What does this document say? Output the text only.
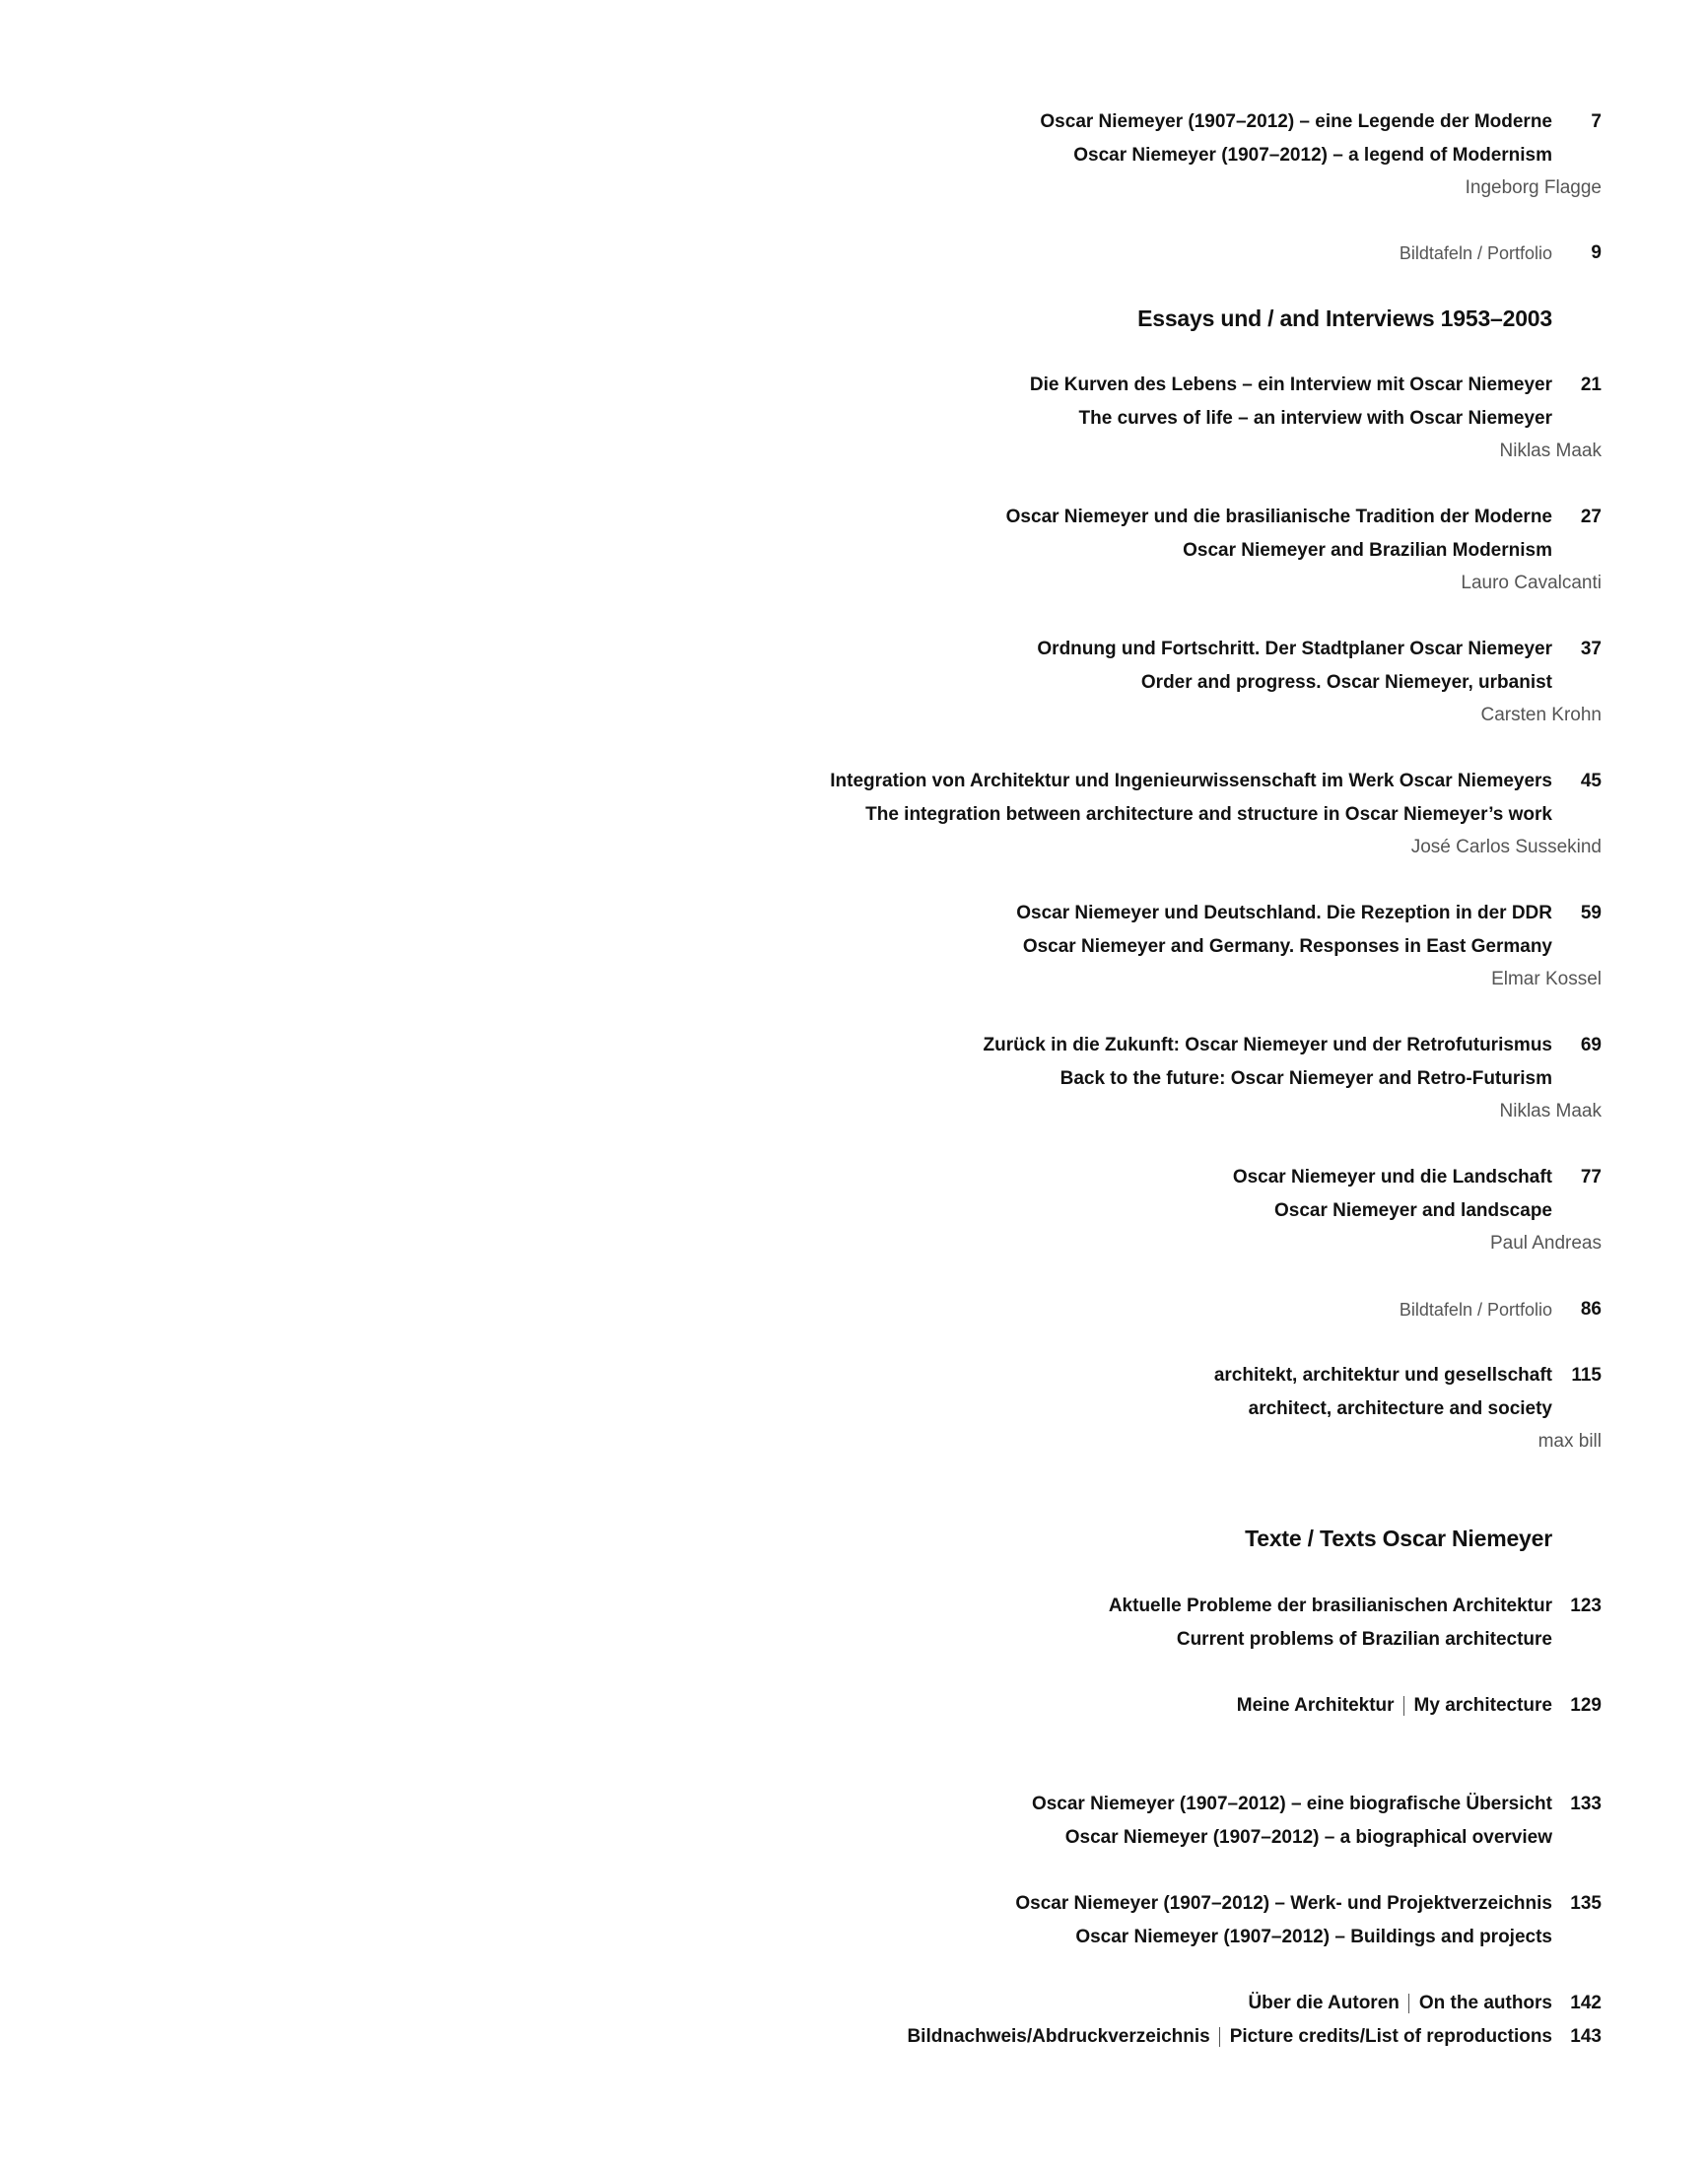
Oscar Niemeyer (1907–2012) – eine Legende der Moderne	7
Oscar Niemeyer (1907–2012) – a legend of Modernism
Ingeborg Flagge
Bildtafeln / Portfolio	9
Essays und / and Interviews 1953–2003
Die Kurven des Lebens – ein Interview mit Oscar Niemeyer	21
The curves of life – an interview with Oscar Niemeyer
Niklas Maak
Oscar Niemeyer und die brasilianische Tradition der Moderne	27
Oscar Niemeyer and Brazilian Modernism
Lauro Cavalcanti
Ordnung und Fortschritt. Der Stadtplaner Oscar Niemeyer	37
Order and progress. Oscar Niemeyer, urbanist
Carsten Krohn
Integration von Architektur und Ingenieurwissenschaft im Werk Oscar Niemeyers	45
The integration between architecture and structure in Oscar Niemeyer’s work
José Carlos Sussekind
Oscar Niemeyer und Deutschland. Die Rezeption in der DDR	59
Oscar Niemeyer and Germany. Responses in East Germany
Elmar Kossel
Zurück in die Zukunft: Oscar Niemeyer und der Retrofuturismus	69
Back to the future: Oscar Niemeyer and Retro-Futurism
Niklas Maak
Oscar Niemeyer und die Landschaft	77
Oscar Niemeyer and landscape
Paul Andreas
Bildtafeln / Portfolio	86
architekt, architektur und gesellschaft	115
architect, architecture and society
max bill
Texte / Texts Oscar Niemeyer
Aktuelle Probleme der brasilianischen Architektur 123
Current problems of Brazilian architecture
Meine Architektur My architecture 129
Oscar Niemeyer (1907–2012) – eine biografische Übersicht 133
Oscar Niemeyer (1907–2012) – a biographical overview
Oscar Niemeyer (1907–2012) – Werk- und Projektverzeichnis 135
Oscar Niemeyer (1907–2012) – Buildings and projects
Über die Autoren On the authors 142
Bildnachweis/Abdruckverzeichnis Picture credits/List of reproductions 143
